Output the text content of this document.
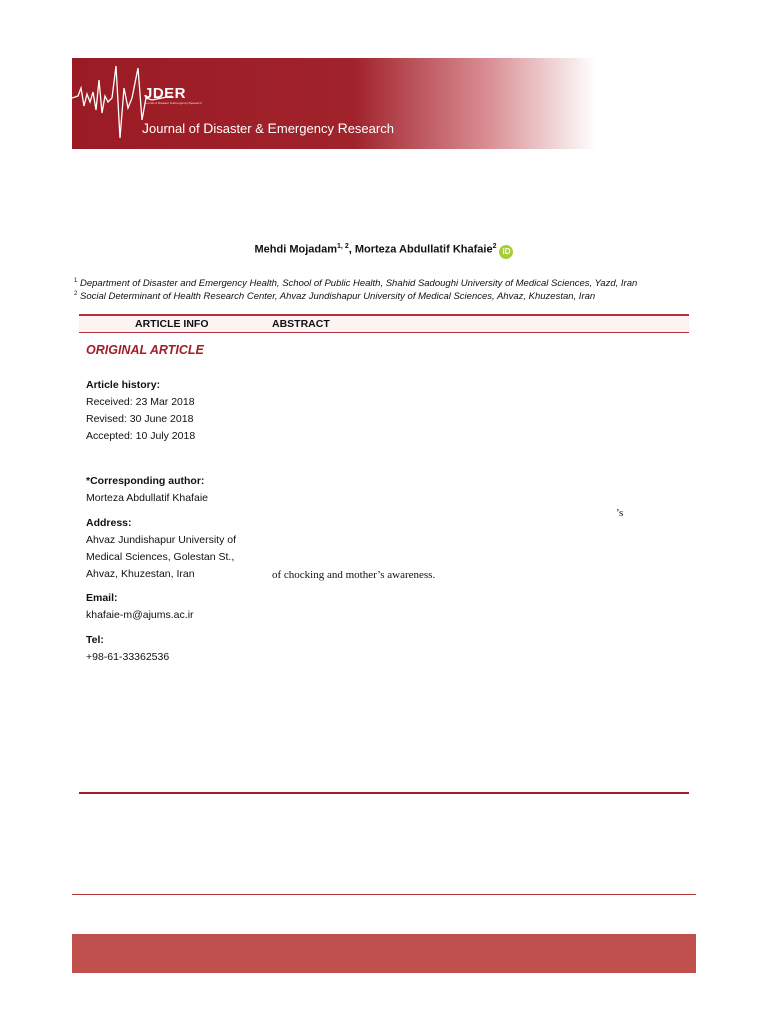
JDER
Journal of Disaster & Emergency Research
Journal of Disaster & Emergency Research
Mehdi Mojadam$^{1, 2}$, Morteza Abdullatif Khafaie$^2$iD
$^1$ Department of Disaster and Emergency Health, School of Public Health, Shahid Sadoughi University of Medical Sciences, Yazd, Iran
$^2$ Social Determinant of Health Research Center, Ahvaz Jundishapur University of Medical Sciences, Ahvaz, Khuzestan, Iran
ARTICLE INFO	ABSTRACT
ORIGINAL ARTICLE
Article history:
Received: 23 Mar 2018
Revised: 30 June 2018
Accepted: 10 July 2018
*Corresponding author:
Morteza Abdullatif Khafaie
Address:
Ahvaz Jundishapur University of
Medical Sciences, Golestan St.,
Ahvaz, Khuzestan, Iran
Email:
khafaie-m@ajums.ac.ir
Tel:
+98-61-33362536
’s
of chocking and mother’s awareness.
